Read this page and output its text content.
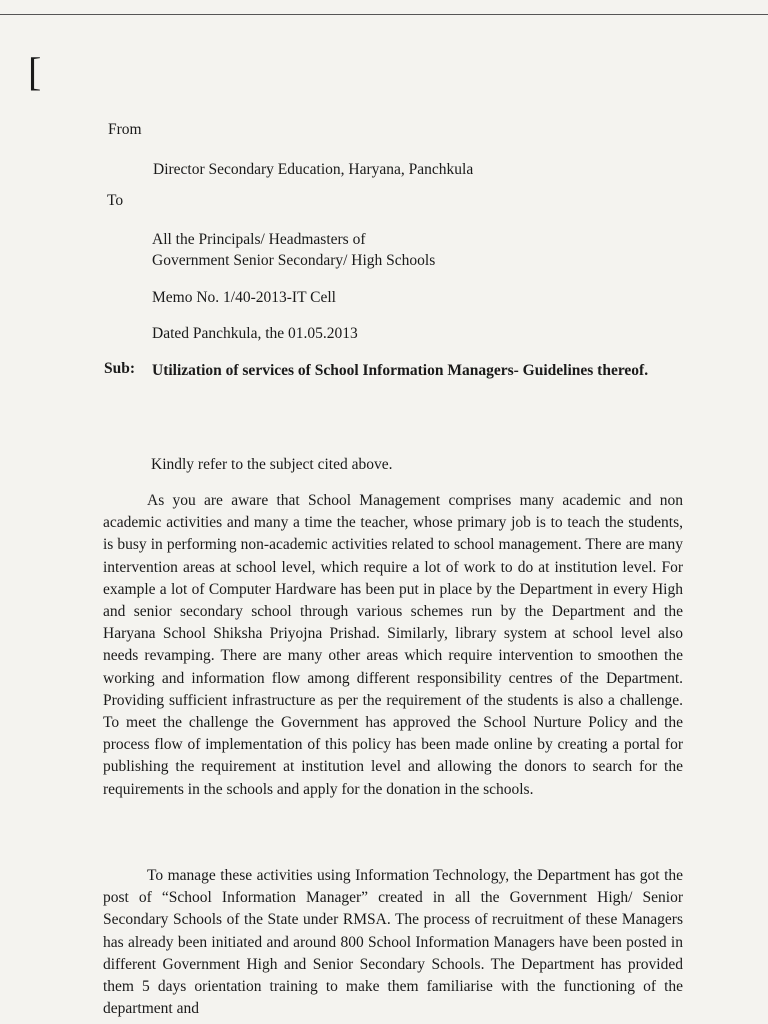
[
From
Director Secondary Education, Haryana, Panchkula
To
All the Principals/ Headmasters of
Government Senior Secondary/ High Schools
Memo No. 1/40-2013-IT Cell
Dated Panchkula, the 01.05.2013
Sub: Utilization of services of School Information Managers- Guidelines thereof.
Kindly refer to the subject cited above.
As you are aware that School Management comprises many academic and non academic activities and many a time the teacher, whose primary job is to teach the students, is busy in performing non-academic activities related to school management. There are many intervention areas at school level, which require a lot of work to do at institution level. For example a lot of Computer Hardware has been put in place by the Department in every High and senior secondary school through various schemes run by the Department and the Haryana School Shiksha Priyojna Prishad. Similarly, library system at school level also needs revamping. There are many other areas which require intervention to smoothen the working and information flow among different responsibility centres of the Department. Providing sufficient infrastructure as per the requirement of the students is also a challenge. To meet the challenge the Government has approved the School Nurture Policy and the process flow of implementation of this policy has been made online by creating a portal for publishing the requirement at institution level and allowing the donors to search for the requirements in the schools and apply for the donation in the schools.
To manage these activities using Information Technology, the Department has got the post of “School Information Manager” created in all the Government High/ Senior Secondary Schools of the State under RMSA. The process of recruitment of these Managers has already been initiated and around 800 School Information Managers have been posted in different Government High and Senior Secondary Schools. The Department has provided them 5 days orientation training to make them familiarise with the functioning of the department and
